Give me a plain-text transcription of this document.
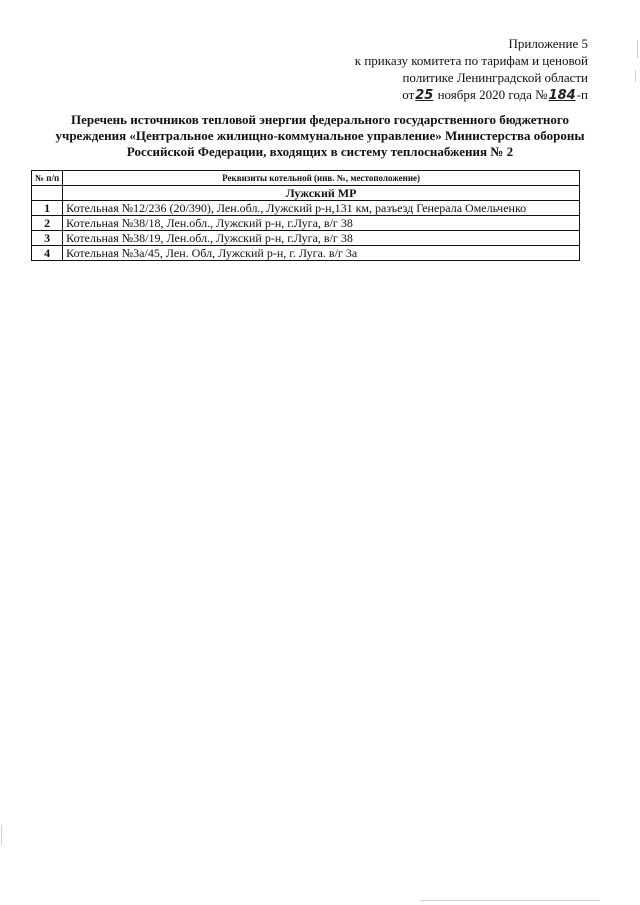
Приложение 5
к приказу комитета по тарифам и ценовой
политике Ленинградской области
от25 ноября 2020 года №184-п
Перечень источников тепловой энергии федерального государственного бюджетного
учреждения «Центральное жилищно-коммунальное управление» Министерства обороны
Российской Федерации, входящих в систему теплоснабжения № 2
№ п/п	Реквизиты котельной (инв. №, местоположение)
	Лужский МР
1	Котельная №12/236 (20/390), Лен.обл., Лужский р-н,131 км, разъезд Генерала Омельченко
2	Котельная №38/18, Лен.обл., Лужский р-н, г.Луга, в/г 38
3	Котельная №38/19, Лен.обл., Лужский р-н, г.Луга, в/г 38
4	Котельная №3а/45, Лен. Обл, Лужский р-н, г. Луга. в/г 3а
